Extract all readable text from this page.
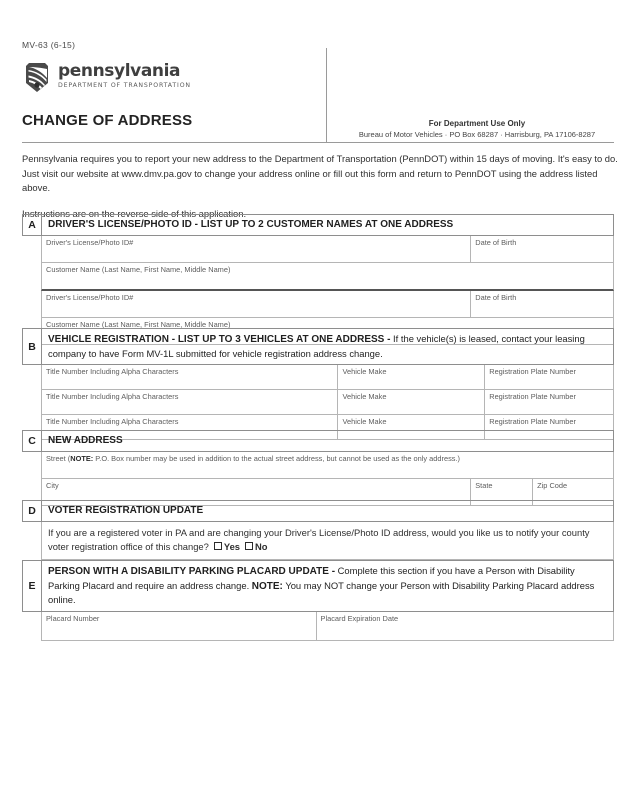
MV-63 (6-15)
pennsylvania
DEPARTMENT OF TRANSPORTATION
CHANGE OF ADDRESS	For Department Use Only
Bureau of Motor Vehicles · PO Box 68287 · Harrisburg, PA 17106-8287

Pennsylvania requires you to report your new address to the Department of Transportation (PennDOT) within 15 days of moving. It's easy to do. Just visit our website at www.dmv.pa.gov to change your address online or fill out this form and return to PennDOT using the address listed above.

Instructions are on the reverse side of this application.

A	DRIVER'S LICENSE/PHOTO ID - LIST UP TO 2 CUSTOMER NAMES AT ONE ADDRESS
Driver's License/Photo ID#	Date of Birth
Customer Name (Last Name, First Name, Middle Name)
Driver's License/Photo ID#	Date of Birth
Customer Name (Last Name, First Name, Middle Name)
B
VEHICLE REGISTRATION - LIST UP TO 3 VEHICLES AT ONE ADDRESS - If the vehicle(s) is leased, contact your leasing company to have Form MV-1L submitted for vehicle registration address change.
Title Number Including Alpha Characters	Vehicle Make	Registration Plate Number
Title Number Including Alpha Characters	Vehicle Make	Registration Plate Number
Title Number Including Alpha Characters	Vehicle Make	Registration Plate Number
C	NEW ADDRESS
Street (NOTE: P.O. Box number may be used in addition to the actual street address, but cannot be used as the only address.)
City	State	Zip Code
D	VOTER REGISTRATION UPDATE
If you are a registered voter in PA and are changing your Driver's License/Photo ID address, would you like us to notify your county voter registration office of this change? Yes No
E
PERSON WITH A DISABILITY PARKING PLACARD UPDATE - Complete this section if you have a Person with Disability Parking Placard and require an address change. NOTE: You may NOT change your Person with Disability Parking Placard address online.
Placard Number	Placard Expiration Date
